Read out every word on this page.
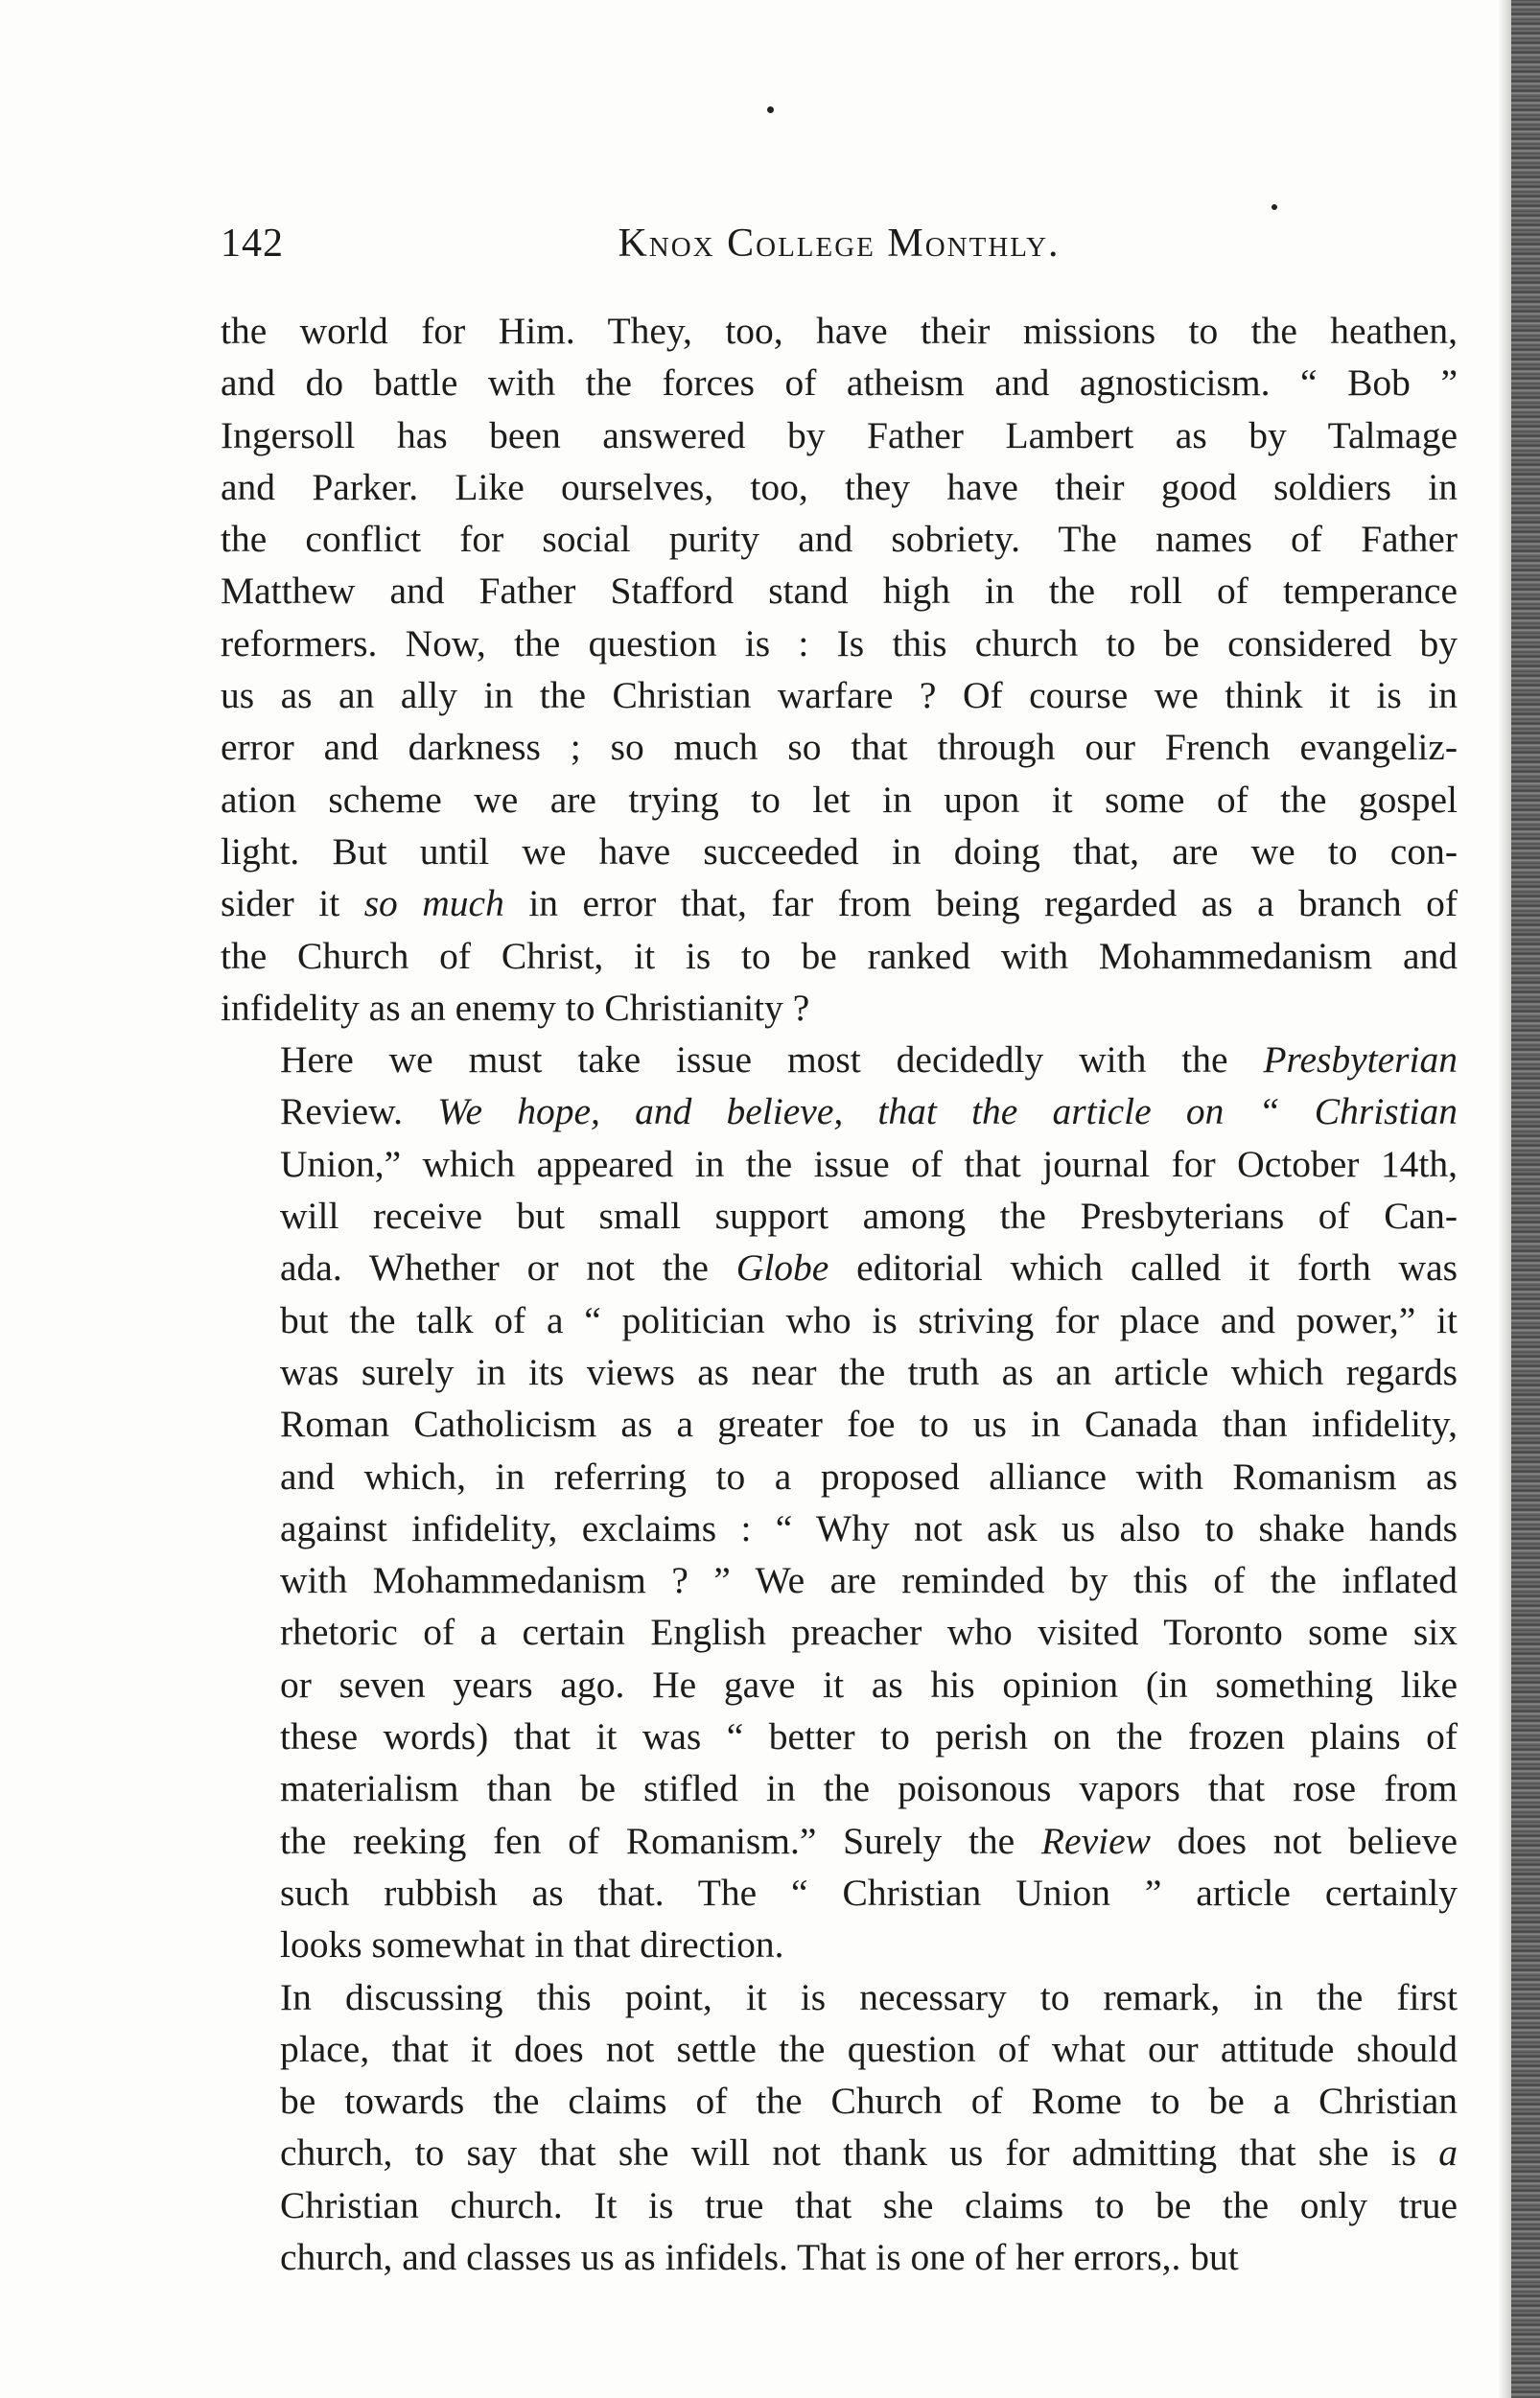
142	Knox College Monthly.

the world for Him. They, too, have their missions to the heathen,
and do battle with the forces of atheism and agnosticism. “ Bob ”
Ingersoll has been answered by Father Lambert as by Talmage
and Parker. Like ourselves, too, they have their good soldiers in
the conflict for social purity and sobriety. The names of Father
Matthew and Father Stafford stand high in the roll of temperance
reformers. Now, the question is : Is this church to be considered by
us as an ally in the Christian warfare ? Of course we think it is in
error and darkness ; so much so that through our French evangeliz-
ation scheme we are trying to let in upon it some of the gospel
light. But until we have succeeded in doing that, are we to con-
sider it so much in error that, far from being regarded as a branch of
the Church of Christ, it is to be ranked with Mohammedanism and
infidelity as an enemy to Christianity ?

Here we must take issue most decidedly with the Presbyterian
Review. We hope, and believe, that the article on “ Christian
Union,” which appeared in the issue of that journal for October 14th,
will receive but small support among the Presbyterians of Can-
ada. Whether or not the Globe editorial which called it forth was
but the talk of a “ politician who is striving for place and power,” it
was surely in its views as near the truth as an article which regards
Roman Catholicism as a greater foe to us in Canada than infidelity,
and which, in referring to a proposed alliance with Romanism as
against infidelity, exclaims : “ Why not ask us also to shake hands
with Mohammedanism ? ” We are reminded by this of the inflated
rhetoric of a certain English preacher who visited Toronto some six
or seven years ago. He gave it as his opinion (in something like
these words) that it was “ better to perish on the frozen plains of
materialism than be stifled in the poisonous vapors that rose from
the reeking fen of Romanism.” Surely the Review does not believe
such rubbish as that. The “ Christian Union ” article certainly
looks somewhat in that direction.

In discussing this point, it is necessary to remark, in the first
place, that it does not settle the question of what our attitude should
be towards the claims of the Church of Rome to be a Christian
church, to say that she will not thank us for admitting that she is a
Christian church. It is true that she claims to be the only true
church, and classes us as infidels. That is one of her errors,. but
